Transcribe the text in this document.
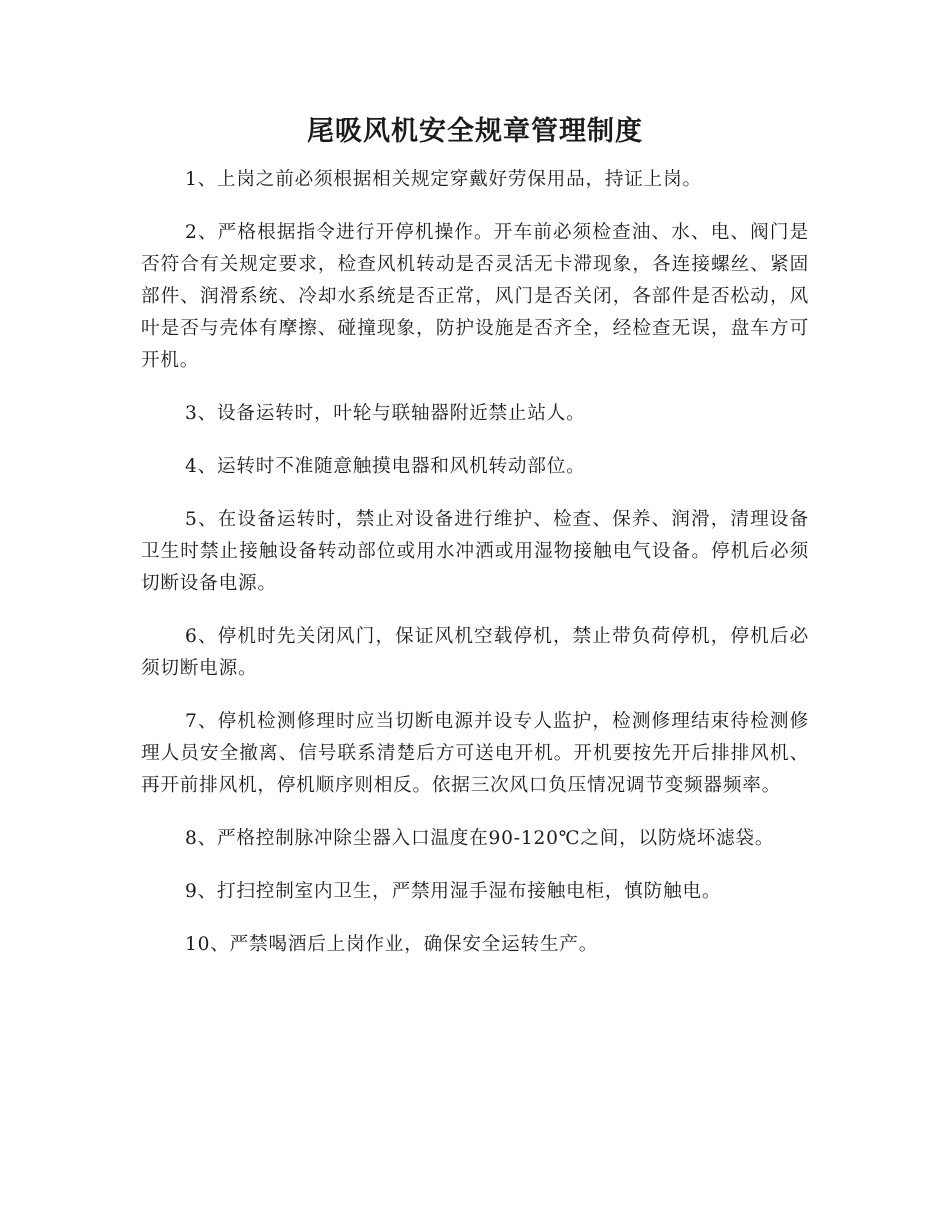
尾吸风机安全规章管理制度

1、上岗之前必须根据相关规定穿戴好劳保用品，持证上岗。

2、严格根据指令进行开停机操作。开车前必须检查油、水、电、阀门是否符合有关规定要求，检查风机转动是否灵活无卡滞现象，各连接螺丝、紧固部件、润滑系统、冷却水系统是否正常，风门是否关闭，各部件是否松动，风叶是否与壳体有摩擦、碰撞现象，防护设施是否齐全，经检查无误，盘车方可开机。

3、设备运转时，叶轮与联轴器附近禁止站人。

4、运转时不准随意触摸电器和风机转动部位。

5、在设备运转时，禁止对设备进行维护、检查、保养、润滑，清理设备卫生时禁止接触设备转动部位或用水冲洒或用湿物接触电气设备。停机后必须切断设备电源。

6、停机时先关闭风门，保证风机空载停机，禁止带负荷停机，停机后必须切断电源。

7、停机检测修理时应当切断电源并设专人监护，检测修理结束待检测修理人员安全撤离、信号联系清楚后方可送电开机。开机要按先开后排排风机、再开前排风机，停机顺序则相反。依据三次风口负压情况调节变频器频率。

8、严格控制脉冲除尘器入口温度在90-120℃之间，以防烧坏滤袋。

9、打扫控制室内卫生，严禁用湿手湿布接触电柜，慎防触电。

10、严禁喝酒后上岗作业，确保安全运转生产。
